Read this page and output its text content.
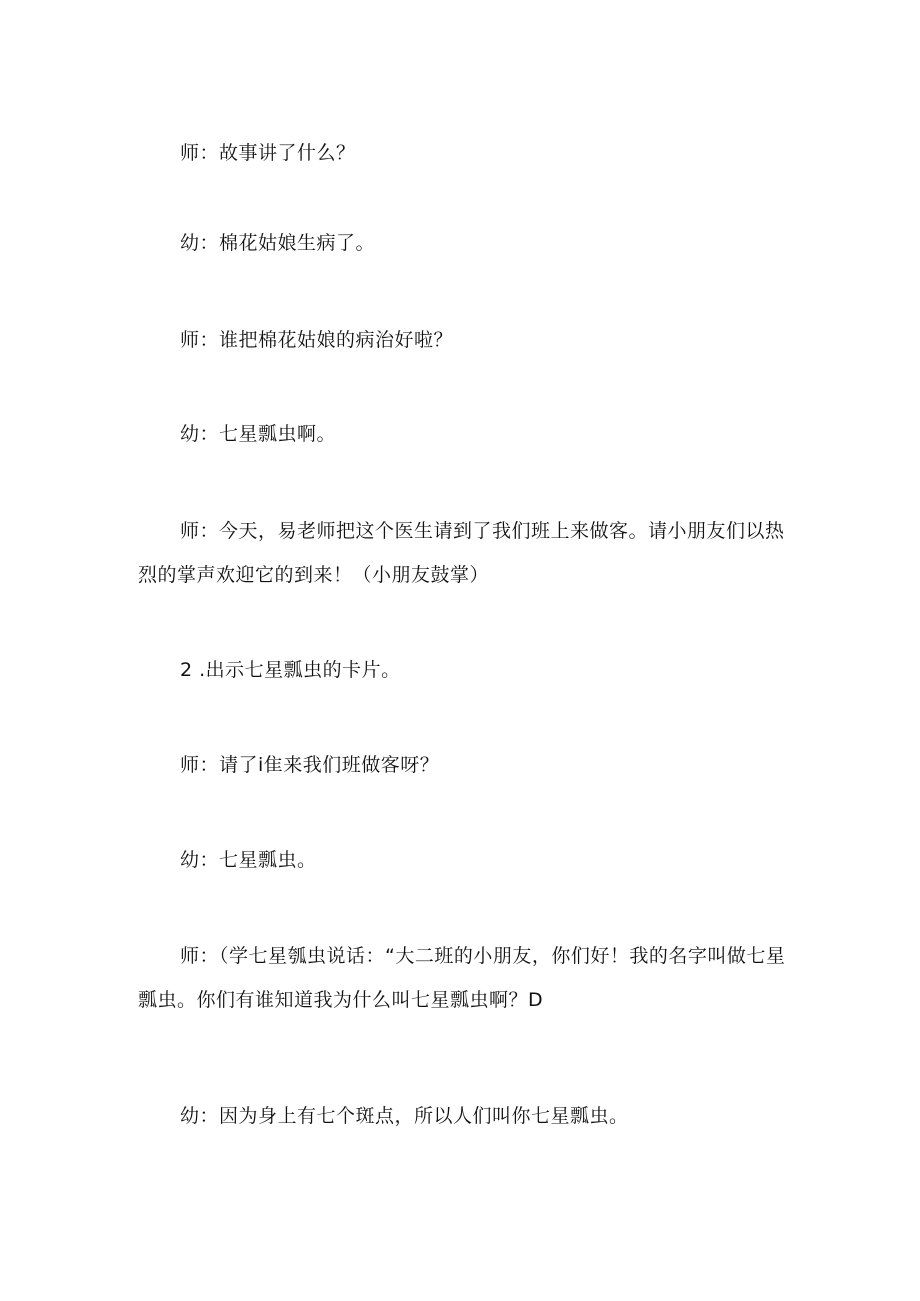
师：故事讲了什么？

幼：棉花姑娘生病了。

师：谁把棉花姑娘的病治好啦？

幼：七星瓢虫啊。

师：今天，易老师把这个医生请到了我们班上来做客。请小朋友们以热烈的掌声欢迎它的到来！（小朋友鼓掌）

2 .出示七星瓢虫的卡片。

师：请了i隹来我们班做客呀？

幼：七星瓢虫。

师：（学七星瓠虫说话：“大二班的小朋友，你们好！我的名字叫做七星瓢虫。你们有谁知道我为什么叫七星瓢虫啊？D

幼：因为身上有七个斑点，所以人们叫你七星瓢虫。
